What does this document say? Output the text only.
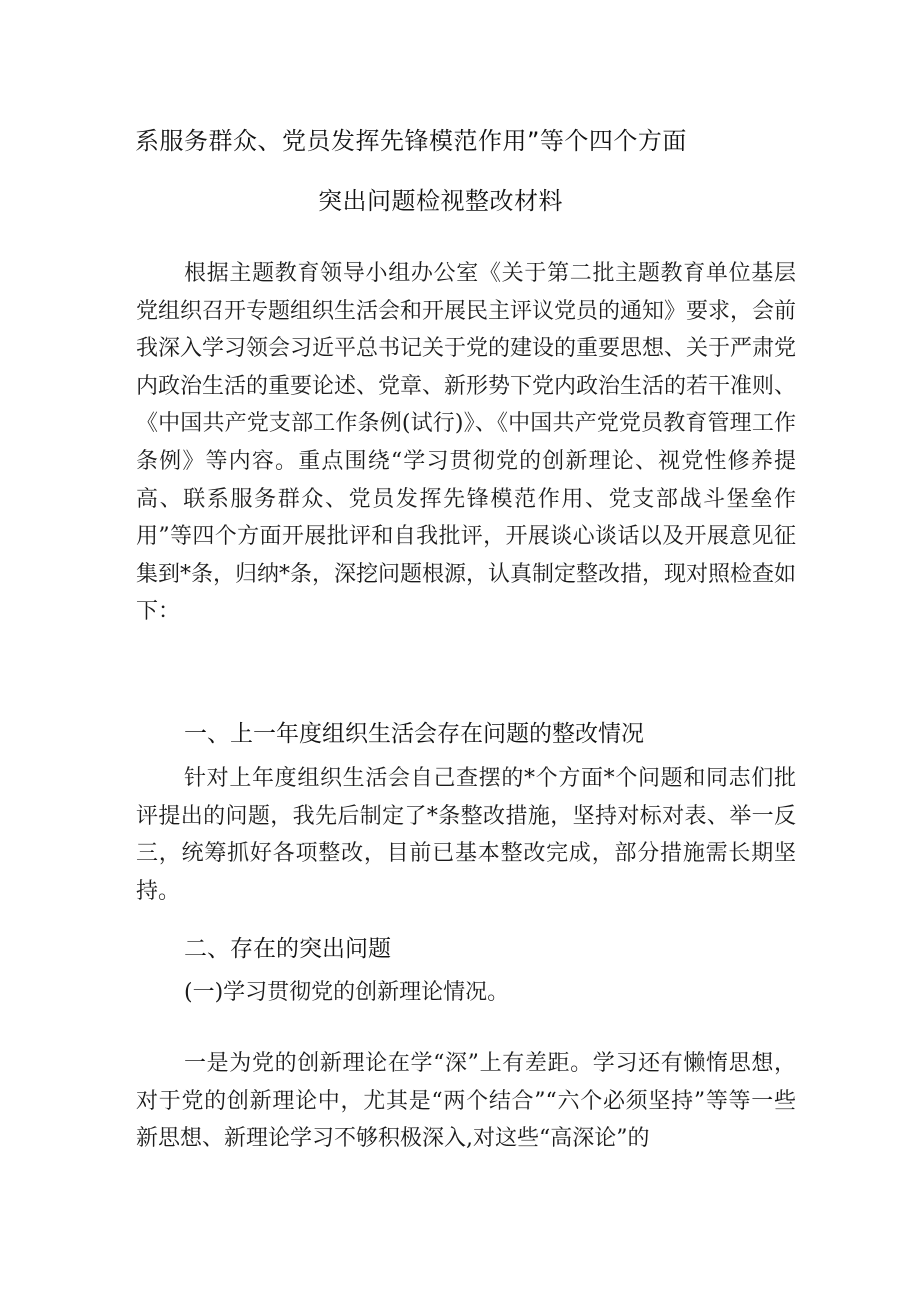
系服务群众、党员发挥先锋模范作用”等个四个方面
突出问题检视整改材料

根据主题教育领导小组办公室《关于第二批主题教育单位基层党组织召开专题组织生活会和开展民主评议党员的通知》要求，会前我深入学习领会习近平总书记关于党的建设的重要思想、关于严肃党内政治生活的重要论述、党章、新形势下党内政治生活的若干准则、《中国共产党支部工作条例(试行)》、《中国共产党党员教育管理工作条例》等内容。重点围绕“学习贯彻党的创新理论、视党性修养提高、联系服务群众、党员发挥先锋模范作用、党支部战斗堡垒作用”等四个方面开展批评和自我批评，开展谈心谈话以及开展意见征集到*条，归纳*条，深挖问题根源，认真制定整改措，现对照检查如下：

一、上一年度组织生活会存在问题的整改情况

针对上年度组织生活会自己查摆的*个方面*个问题和同志们批评提出的问题，我先后制定了*条整改措施，坚持对标对表、举一反三，统筹抓好各项整改，目前已基本整改完成，部分措施需长期坚持。

二、存在的突出问题

(一)学习贯彻党的创新理论情况。

一是为党的创新理论在学“深”上有差距。学习还有懒惰思想，对于党的创新理论中，尤其是“两个结合”“六个必须坚持”等等一些新思想、新理论学习不够积极深入,对这些“高深论”的
